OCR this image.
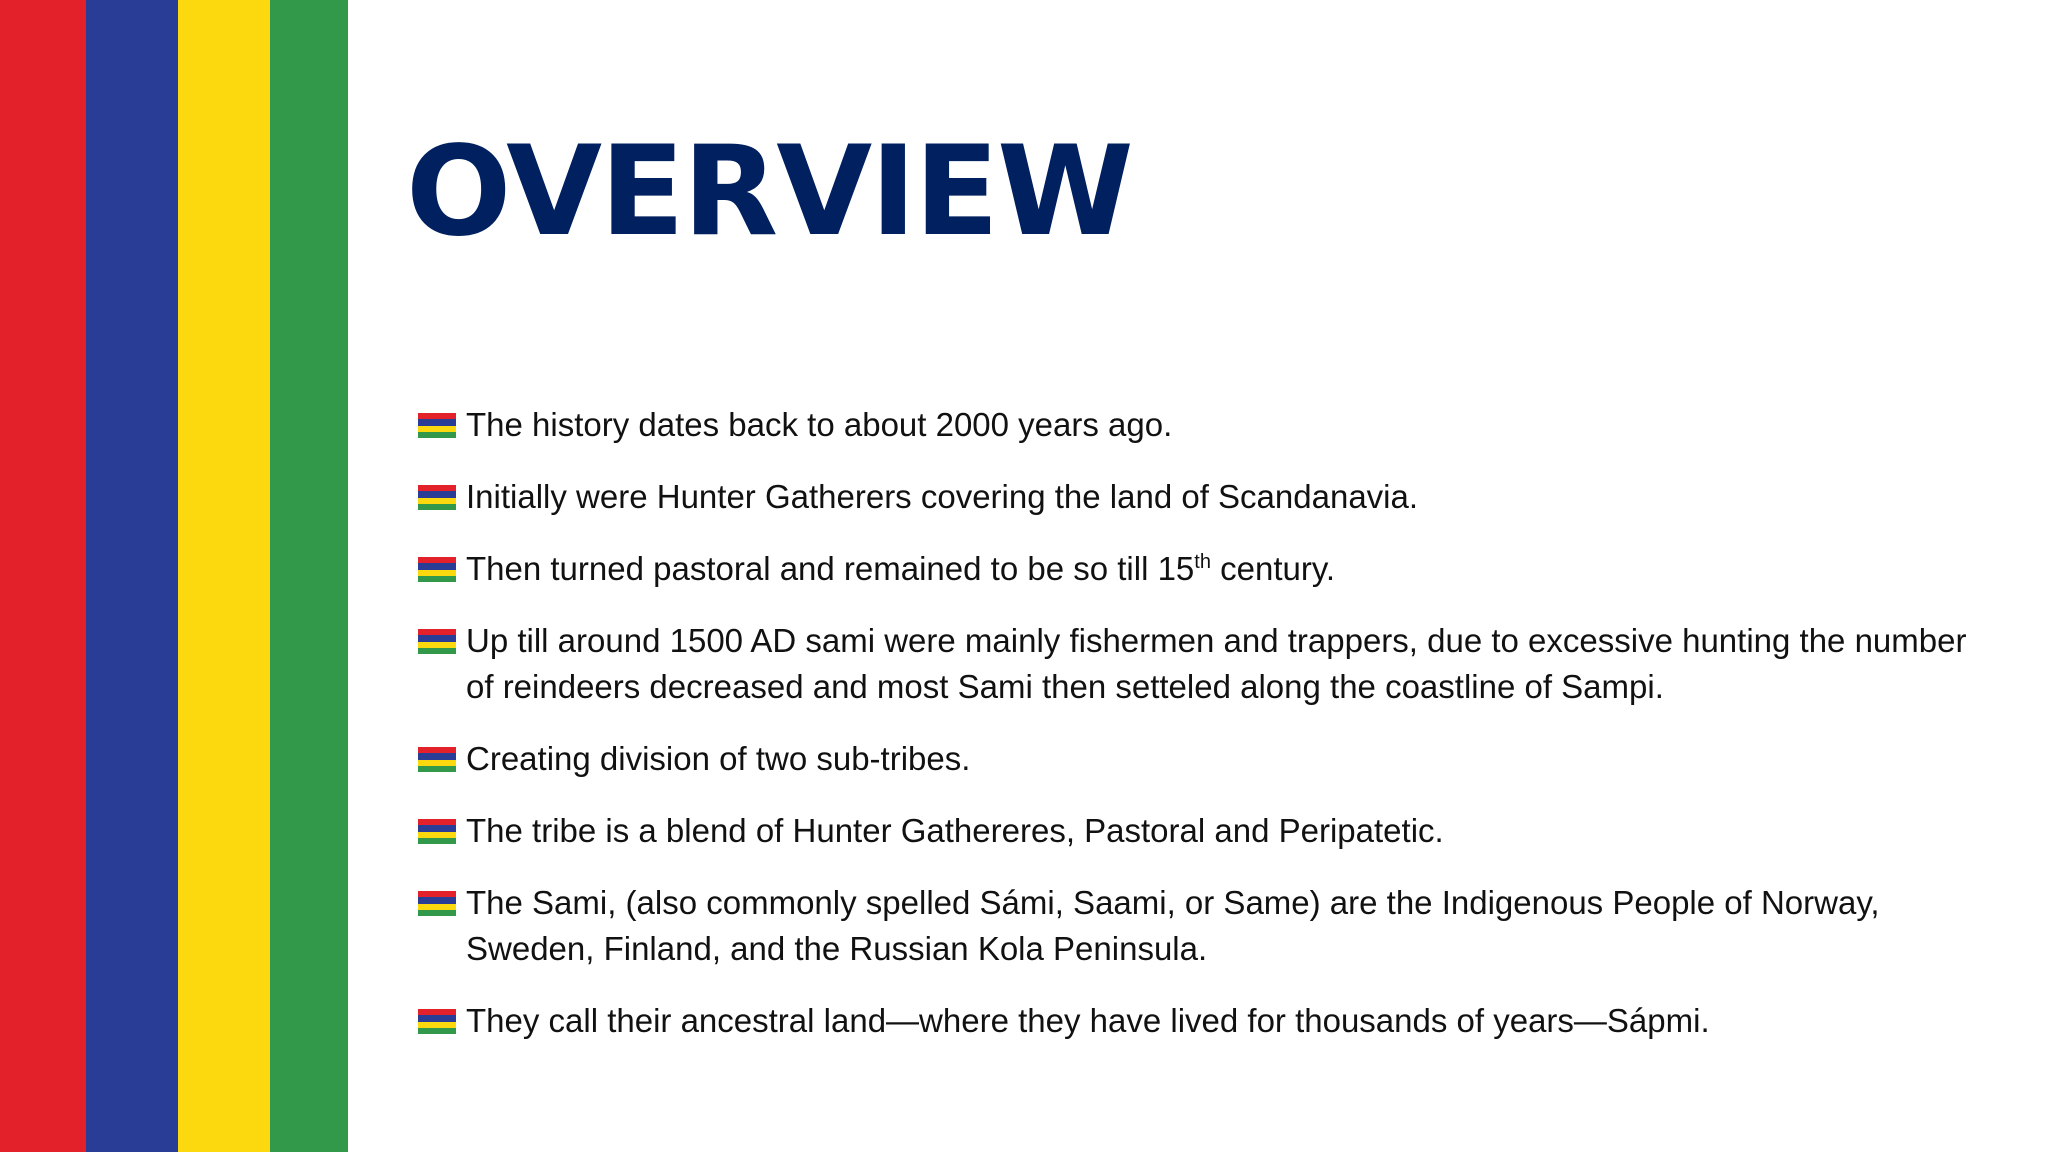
OVERVIEW
The history dates back to about 2000 years ago.
Initially were Hunter Gatherers covering the land of Scandanavia.
Then turned pastoral and remained to be so till 15th century.
Up till around 1500 AD sami were mainly fishermen and trappers, due to excessive hunting the number of reindeers decreased and most Sami then setteled along the coastline of Sampi.
Creating division of two sub-tribes.
The tribe is a blend of Hunter Gathereres, Pastoral and Peripatetic.
The Sami, (also commonly spelled Sámi, Saami, or Same) are the Indigenous People of Norway, Sweden, Finland, and the Russian Kola Peninsula.
They call their ancestral land—where they have lived for thousands of years—Sápmi.
